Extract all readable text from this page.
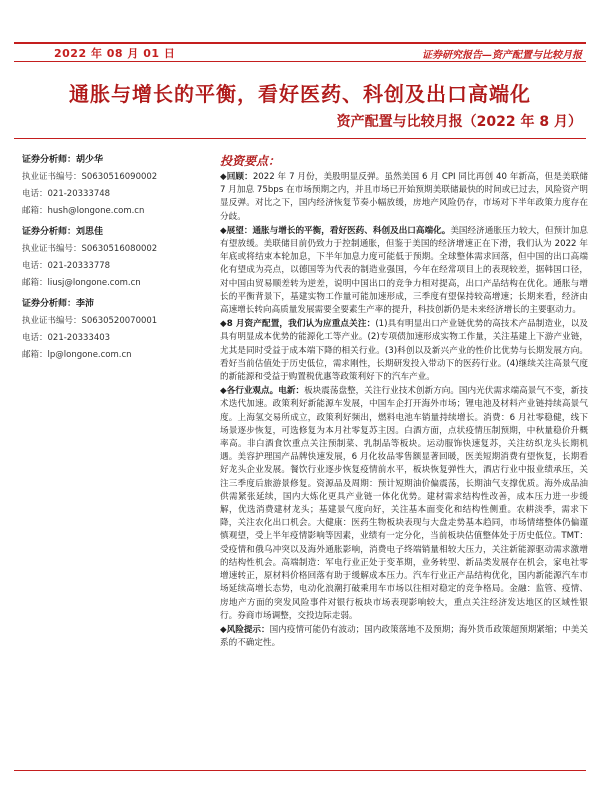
2022 年 08 月 01 日	证券研究报告—资产配置与比较月报
通胀与增长的平衡，看好医药、科创及出口高端化
资产配置与比较月报（2022 年 8 月）
证券分析师：胡少华
执业证书编号：S0630516090002
电话：021-20333748
邮箱：hush@longone.com.cn
证券分析师：刘思佳
执业证书编号：S0630516080002
电话：021-20333778
邮箱：liusj@longone.com.cn
证券分析师：李沛
执业证书编号：S0630520070001
电话：021-20333403
邮箱：lp@longone.com.cn
投资要点：

◆回顾：2022 年 7 月份，美股明显反弹。虽然美国 6 月 CPI 同比再创 40 年新高，但是美联储 7 月加息 75bps 在市场预期之内，并且市场已开始预期美联储最快的时间或已过去，风险资产明显反弹。对比之下，国内经济恢复节奏小幅放缓，房地产风险仍存，市场对下半年政策力度存在分歧。

◆展望：通胀与增长的平衡，看好医药、科创及出口高端化。美国经济通胀压力较大，但预计加息有望放缓。美联储目前仍致力于控制通胀，但鉴于美国的经济增速正在下滑，我们认为 2022 年年底或将结束本轮加息，下半年加息力度可能低于预期。全球整体需求回落，但中国的出口高端化有望成为亮点，以德国等为代表的制造业强国，今年在经常项目上的表现较差，据韩国口径，对中国由贸易顺差转为逆差，说明中国出口的竞争力相对提高，出口产品结构在优化。通胀与增长的平衡背景下，基建实物工作量可能加速形成，三季度有望保持较高增速；长期来看，经济由高速增长转向高质量发展需要全要素生产率的提升，科技创新仍是未来经济增长的主要驱动力。

◆8 月资产配置，我们认为应重点关注：(1)具有明显出口产业链优势的高技术产品制造业，以及具有明显成本优势的能源化工等产业。(2)专项债加速形成实物工作量，关注基建上下游产业链，尤其是同时受益于成本端下降的相关行业。(3)科创以及新兴产业的性价比优势与长期发展方向。看好当前估值处于历史低位，需求刚性，长期研发投入带动下的医药行业。(4)继续关注高景气度的新能源和受益于购置税优惠等政策利好下的汽车产业。

◆各行业观点。电新：板块震荡盘整，关注行业技术创新方向。国内光伏需求端高景气不变，新技术迭代加速。政策利好新能源车发展，中国车企打开海外市场；锂电池及材料产业链持续高景气度。上海氢交易所成立，政策利好频出，燃料电池车销量持续增长。消费：6 月社零稳健，线下场景逐步恢复，可选修复为本月社零复苏主因。白酒方面，点状疫情压制预期，中秋量稳价升概率高。非白酒食饮重点关注预制菜、乳制品等板块。运动服饰快速复苏，关注纺织龙头长期机遇。美容护理国产品牌快速发展，6 月化妆品零售额显著回暖，医美短期消费有望恢复，长期看好龙头企业发展。餐饮行业逐步恢复疫情前水平，板块恢复弹性大，酒店行业中报业绩承压，关注三季度后旅游景修复。资源品及周期：预计短期油价偏震荡，长期油气支撑优质。海外成品油供需紧张延续，国内大炼化更具产业链一体化优势。建材需求结构性改善，成本压力进一步缓解，优选消费建材龙头；基建景气度向好，关注基本面变化和结构性侧重。农耕淡季，需求下降，关注农化出口机会。大健康：医药生物板块表现与大盘走势基本趋同，市场情绪整体仍偏谨慎观望，受上半年疫情影响等因素，业绩有一定分化，当前板块估值整体处于历史低位。TMT：受疫情和俄乌冲突以及海外通胀影响，消费电子终端销量相较大压力，关注新能源驱动需求激增的结构性机会。高端制造：军电行业正处于变革期，业务转型、新品类发展存在机会，家电社零增速转正，原材料价格回落有助于缓解成本压力。汽车行业正产品结构优化，国内新能源汽车市场延续高增长态势，电动化浪潮打破乘用车市场以往相对稳定的竞争格局。金融：监管、疫情、房地产方面的突发风险事件对银行板块市场表现影响较大，重点关注经济发达地区的区域性银行。券商市场调整，交投边际走弱。

◆风险提示：国内疫情可能仍有波动；国内政策落地不及预期；海外货币政策超预期紧缩；中美关系的不确定性。
